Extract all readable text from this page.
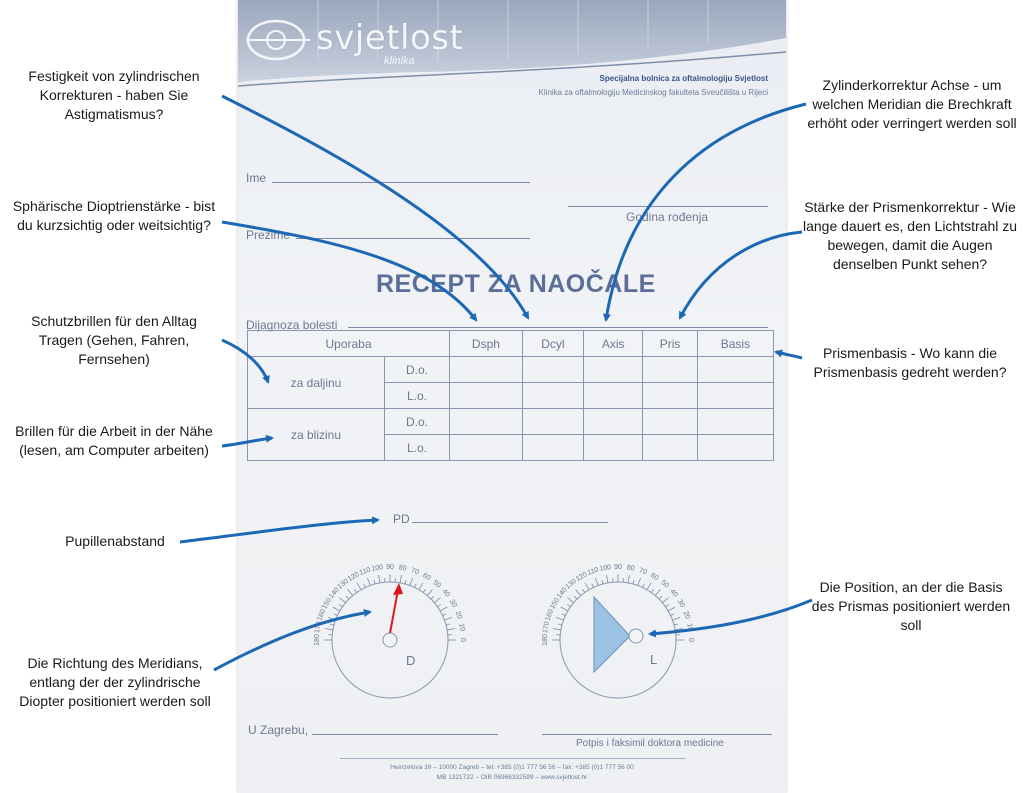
svjetlost
klinika
Specijalna bolnica za oftalmologiju Svjetlost
Klinika za oftalmologiju Medicinskog fakulteta Sveučilišta u Rijeci
Ime
Godina rođenja
Prezime
RECEPT ZA NAOČALE
Dijagnoza bolesti
Uporaba		Dsph	Dcyl	Axis	Pris	Basis
za daljinu	D.o.					
	L.o.					
za blizinu	D.o.					
	L.o.					
PD
180
170
160
150
140
130
120
110 100 90 80 70
60
50
40
30
20
10
0
D
180
170
160
150
140
130
120
110 100 90 80 70
60
50
40
30
20
10
0
L
U Zagrebu,
Potpis i faksimil doktora medicine
Heinzelova 39 – 10000 Zagreb – tel: +385 (0)1 777 56 56 – fax: +385 (0)1 777 56 00
MB 1321722 – OIB 06966332599 – www.svjetlost.hr
Festigkeit von zylindrischen Korrekturen - haben Sie Astigmatismus?
Sphärische Dioptrienstärke - bist du kurzsichtig oder weitsichtig?
Schutzbrillen für den Alltag Tragen (Gehen, Fahren, Fernsehen)
Brillen für die Arbeit in der Nähe (lesen, am Computer arbeiten)
Pupillenabstand
Die Richtung des Meridians, entlang der der zylindrische Diopter positioniert werden soll
Zylinderkorrektur Achse - um welchen Meridian die Brechkraft erhöht oder verringert werden soll
Stärke der Prismenkorrektur - Wie lange dauert es, den Lichtstrahl zu bewegen, damit die Augen denselben Punkt sehen?
Prismenbasis - Wo kann die Prismenbasis gedreht werden?
Die Position, an der die Basis des Prismas positioniert werden soll
